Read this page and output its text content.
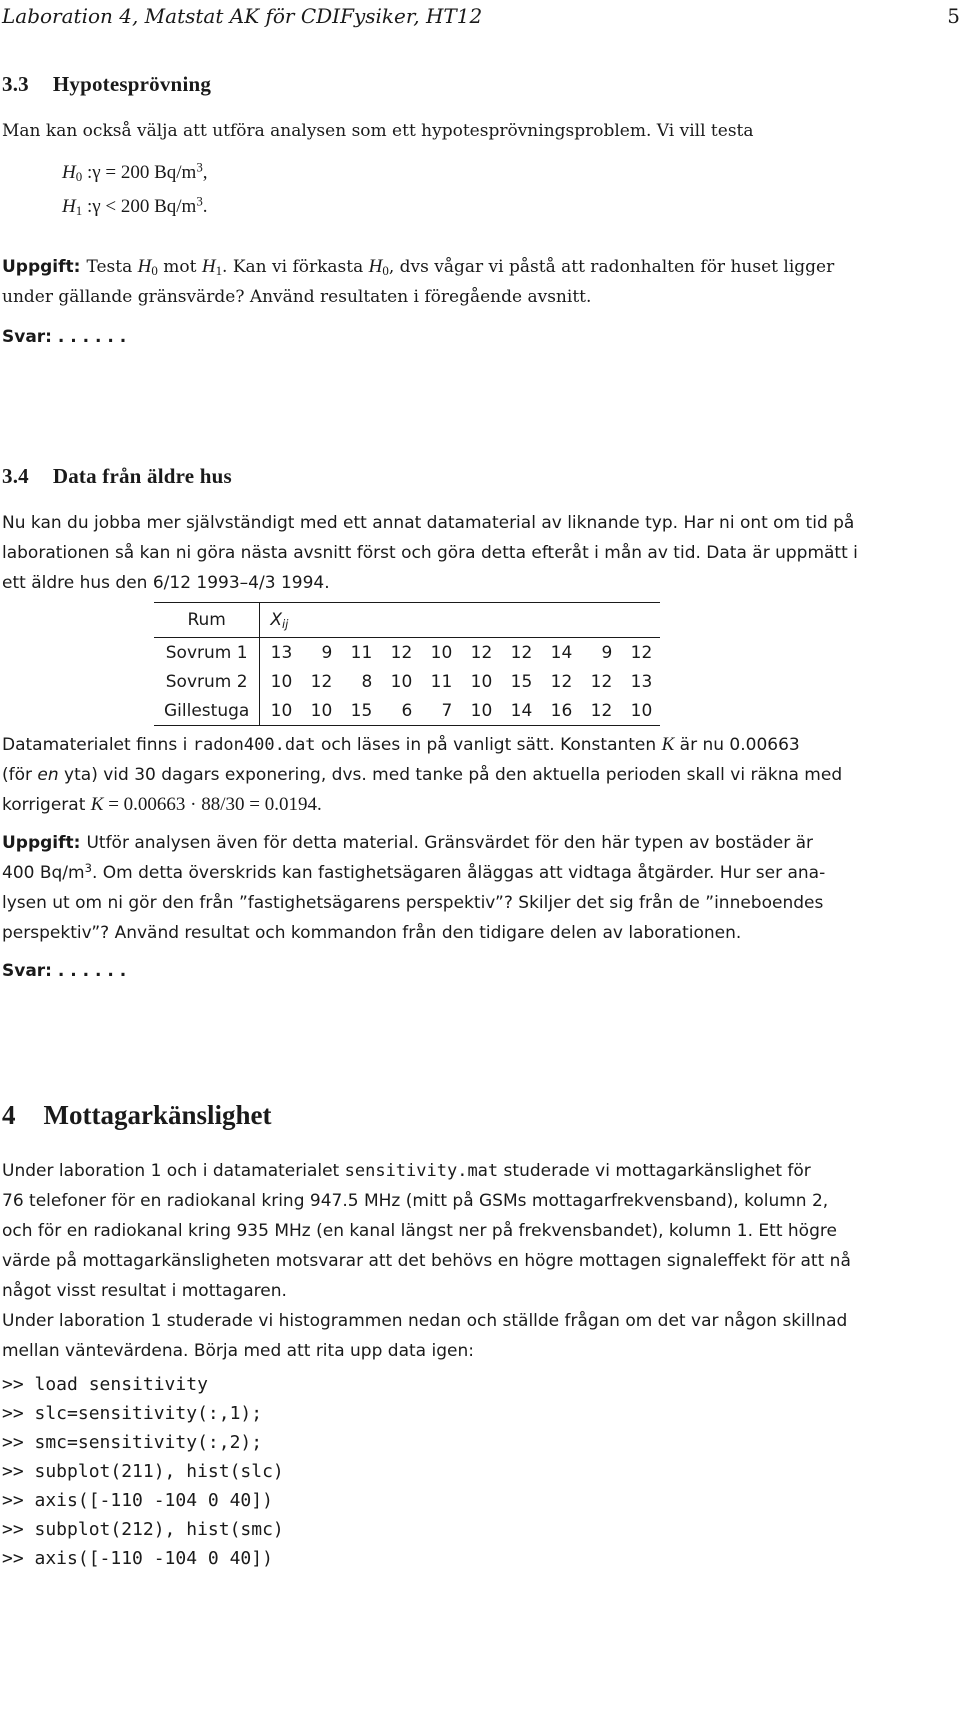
Laboration 4, Matstat AK för CDIFysiker, HT12	5
3.3 Hypotesprövning
Man kan också välja att utföra analysen som ett hypotesprövningsproblem. Vi vill testa
$H_0$ :γ = 200 $Bq/m^3$,
$H_1$ :γ < 200 $Bq/m^3$.
Uppgift: Testa $H_0$ mot $H_1$. Kan vi förkasta $H_0$, dvs vågar vi påstå att radonhalten för huset ligger
under gällande gränsvärde? Använd resultaten i föregående avsnitt.
Svar: . . . . . .
3.4 Data från äldre hus
Nu kan du jobba mer självständigt med ett annat datamaterial av liknande typ. Har ni ont om tid på
laborationen så kan ni göra nästa avsnitt först och göra detta efteråt i mån av tid. Data är uppmätt i
ett äldre hus den 6/12 1993–4/3 1994.
Rum	$X_{ij}$
Sovrum 1	13	9	11	12	10	12	12	14	9	12
Sovrum 2	10	12	8	10	11	10	15	12	12	13
Gillestuga	10	10	15	6	7	10	14	16	12	10
Datamaterialet finns i radon400.dat och läses in på vanligt sätt. Konstanten K är nu 0.00663
(för en yta) vid 30 dagars exponering, dvs. med tanke på den aktuella perioden skall vi räkna med
korrigerat K = 0.00663 · 88/30 = 0.0194.
Uppgift: Utför analysen även för detta material. Gränsvärdet för den här typen av bostäder är
400 $Bq/m^3$. Om detta överskrids kan fastighetsägaren åläggas att vidtaga åtgärder. Hur ser ana-
lysen ut om ni gör den från ”fastighetsägarens perspektiv”? Skiljer det sig från de ”inneboendes
perspektiv”? Använd resultat och kommandon från den tidigare delen av laborationen.
Svar: . . . . . .
4 Mottagarkänslighet
Under laboration 1 och i datamaterialet sensitivity.mat studerade vi mottagarkänslighet för
76 telefoner för en radiokanal kring 947.5 MHz (mitt på GSMs mottagarfrekvensband), kolumn 2,
och för en radiokanal kring 935 MHz (en kanal längst ner på frekvensbandet), kolumn 1. Ett högre
värde på mottagarkänsligheten motsvarar att det behövs en högre mottagen signaleffekt för att nå
något visst resultat i mottagaren.
Under laboration 1 studerade vi histogrammen nedan och ställde frågan om det var någon skillnad
mellan väntevärdena. Börja med att rita upp data igen:
>> load sensitivity
>> slc=sensitivity(:,1);
>> smc=sensitivity(:,2);
>> subplot(211), hist(slc)
>> axis([-110 -104 0 40])
>> subplot(212), hist(smc)
>> axis([-110 -104 0 40])
